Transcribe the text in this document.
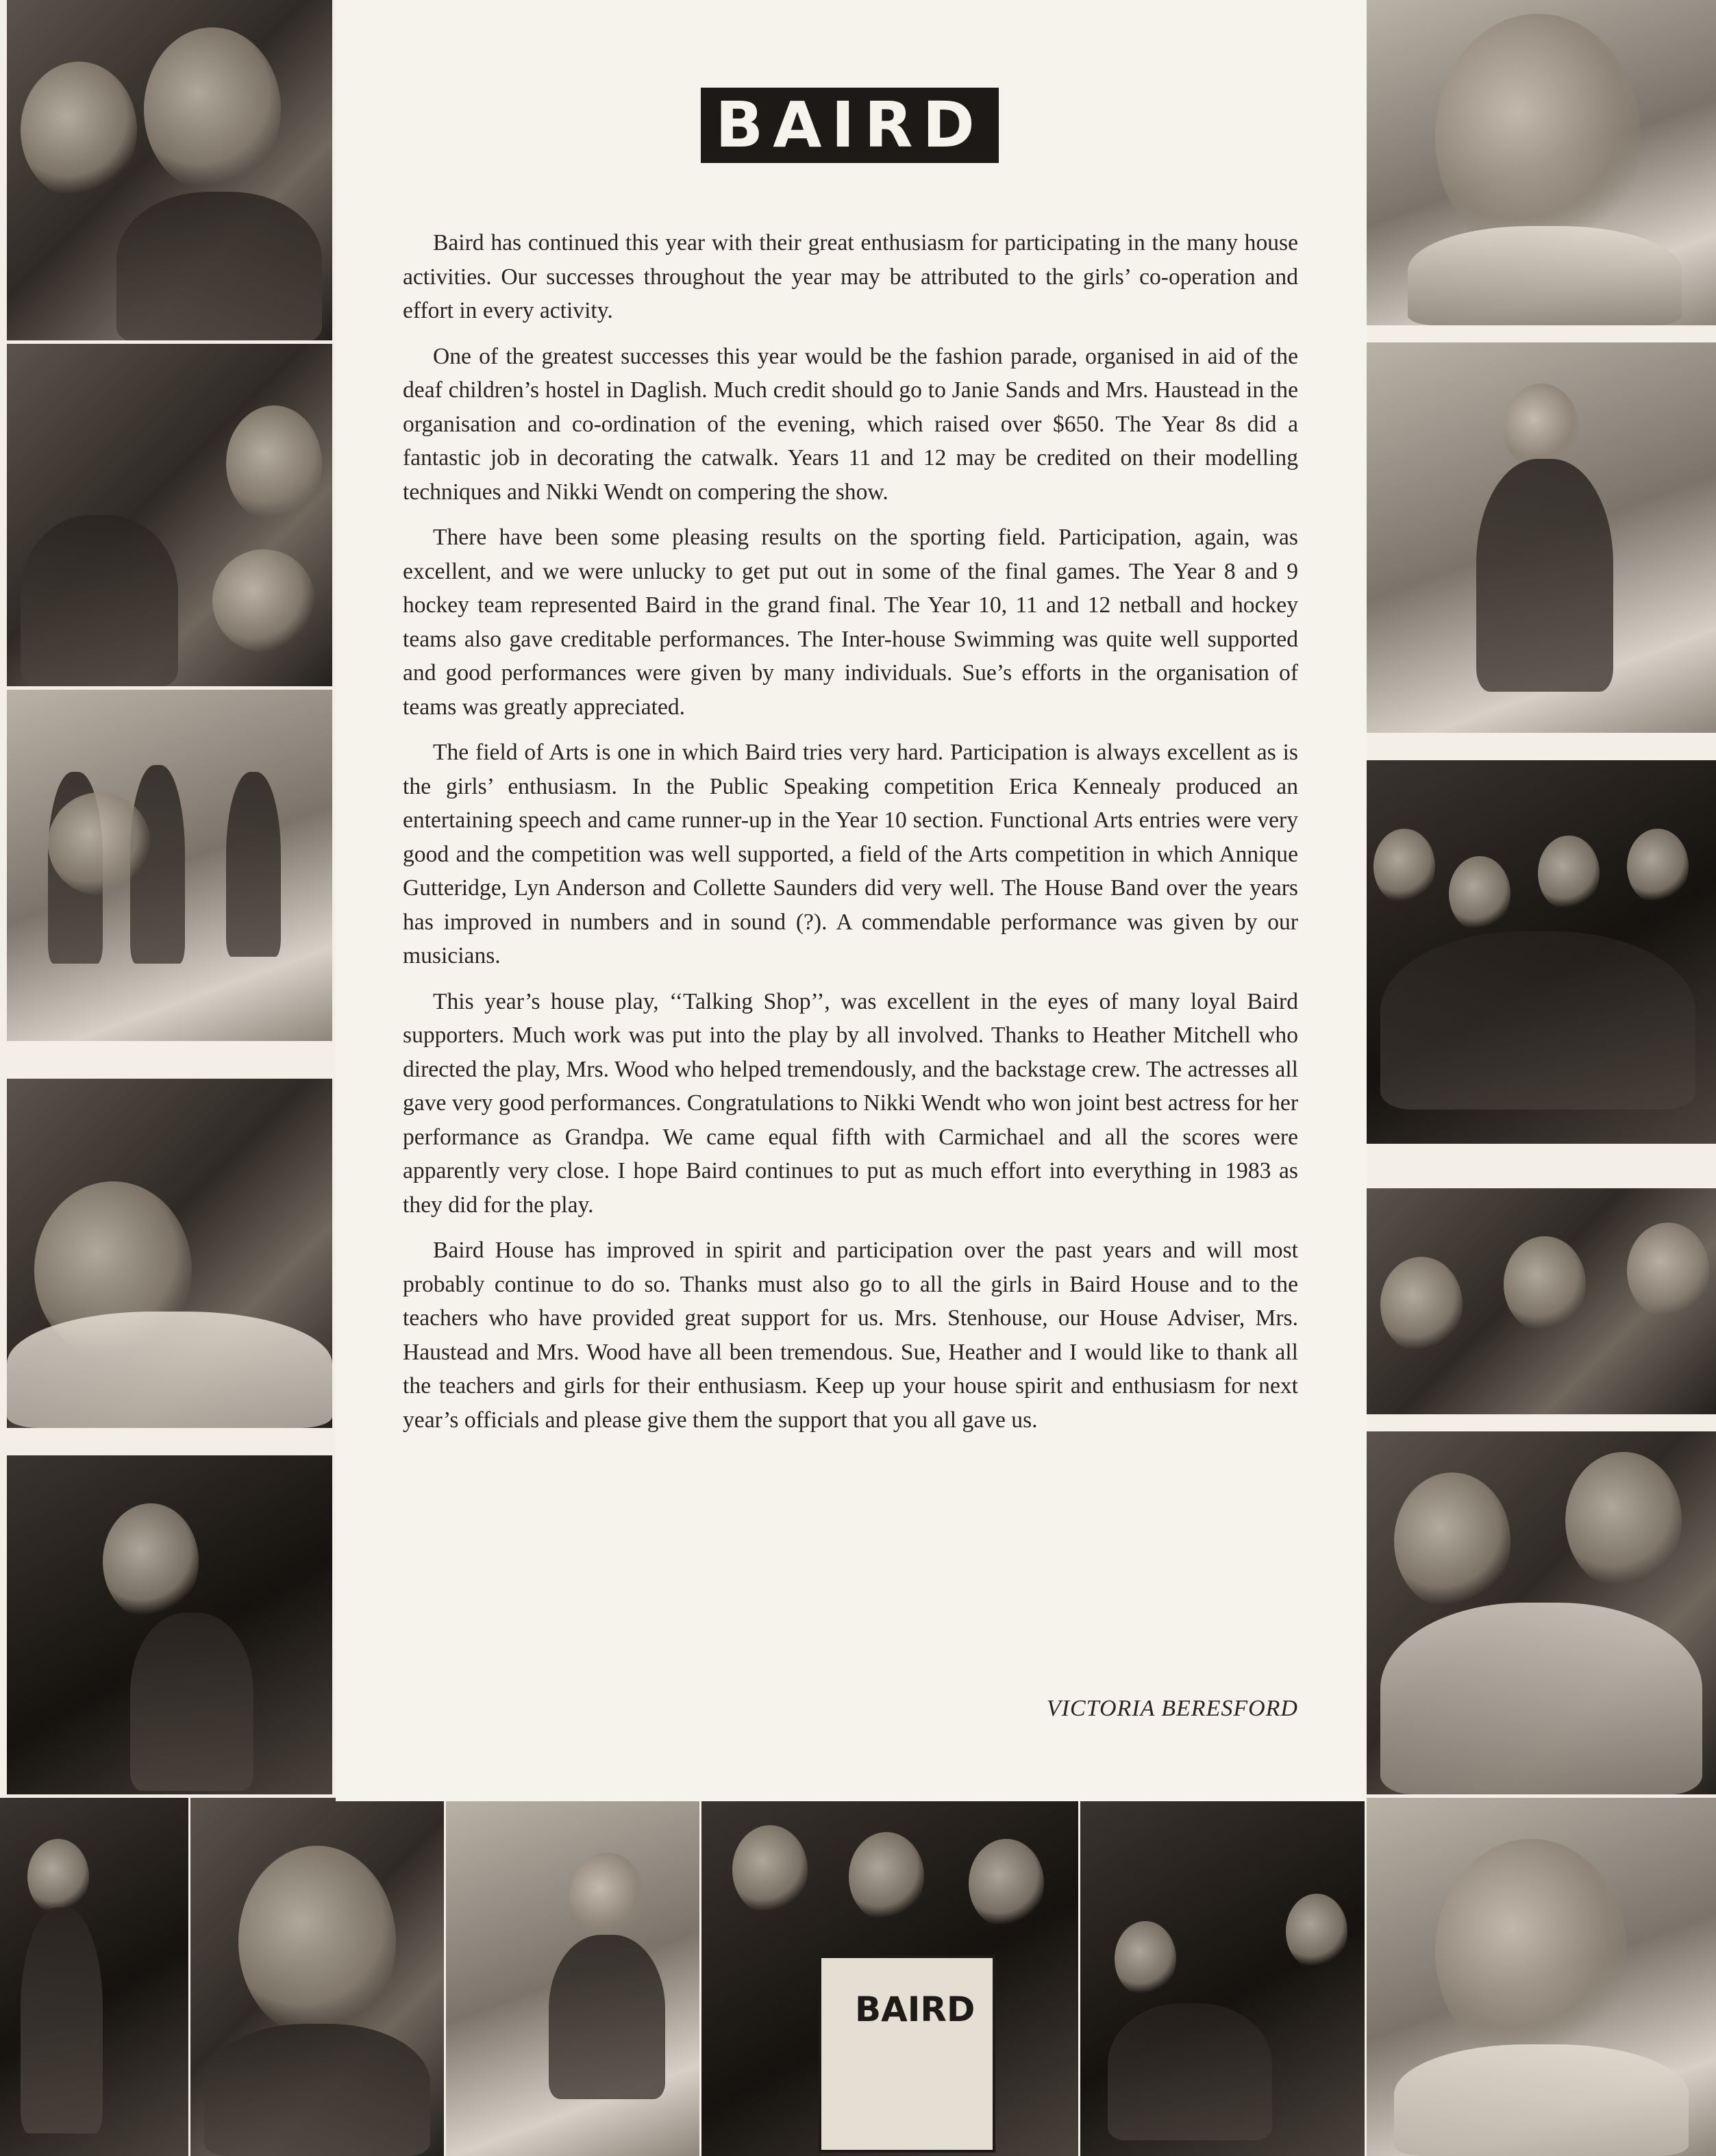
BAIRD
BAIRD

Baird has continued this year with their great enthusiasm for participating in the many house activities. Our successes throughout the year may be attributed to the girls’ co-operation and effort in every activity.

One of the greatest successes this year would be the fashion parade, organised in aid of the deaf children’s hostel in Daglish. Much credit should go to Janie Sands and Mrs. Haustead in the organisation and co-ordination of the evening, which raised over $650. The Year 8s did a fantastic job in decorating the catwalk. Years 11 and 12 may be credited on their modelling techniques and Nikki Wendt on compering the show.

There have been some pleasing results on the sporting field. Participation, again, was excellent, and we were unlucky to get put out in some of the final games. The Year 8 and 9 hockey team represented Baird in the grand final. The Year 10, 11 and 12 netball and hockey teams also gave creditable performances. The Inter-house Swimming was quite well supported and good performances were given by many individuals. Sue’s efforts in the organisation of teams was greatly appreciated.

The field of Arts is one in which Baird tries very hard. Participation is always excellent as is the girls’ enthusiasm. In the Public Speaking competition Erica Kennealy produced an entertaining speech and came runner-up in the Year 10 section. Functional Arts entries were very good and the competition was well supported, a field of the Arts competition in which Annique Gutteridge, Lyn Anderson and Collette Saunders did very well. The House Band over the years has improved in numbers and in sound (?). A commendable performance was given by our musicians.

This year’s house play, ‘‘Talking Shop’’, was excellent in the eyes of many loyal Baird supporters. Much work was put into the play by all involved. Thanks to Heather Mitchell who directed the play, Mrs. Wood who helped tremendously, and the backstage crew. The actresses all gave very good performances. Congratulations to Nikki Wendt who won joint best actress for her performance as Grandpa. We came equal fifth with Carmichael and all the scores were apparently very close. I hope Baird continues to put as much effort into everything in 1983 as they did for the play.

Baird House has improved in spirit and participation over the past years and will most probably continue to do so. Thanks must also go to all the girls in Baird House and to the teachers who have provided great support for us. Mrs. Stenhouse, our House Adviser, Mrs. Haustead and Mrs. Wood have all been tremendous. Sue, Heather and I would like to thank all the teachers and girls for their enthusiasm. Keep up your house spirit and enthusiasm for next year’s officials and please give them the support that you all gave us.

VICTORIA BERESFORD
